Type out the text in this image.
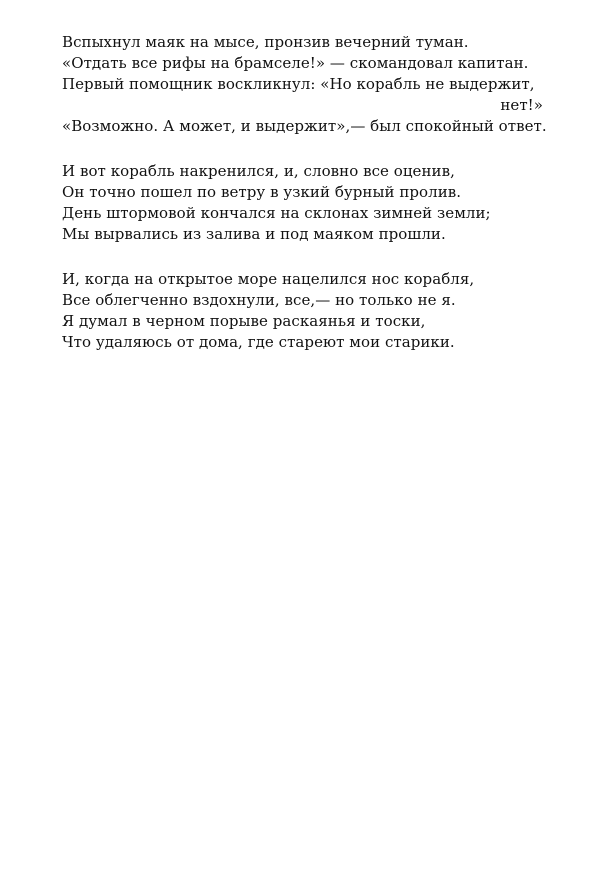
Вспыхнул маяк на мысе, пронзив вечерний туман.
«Отдать все рифы на брамселе!» — скомандовал капитан.
Первый помощник воскликнул: «Но корабль не выдержит,
нет!»
«Возможно. А может, и выдержит»,— был спокойный ответ.
И вот корабль накренился, и, словно все оценив,
Он точно пошел по ветру в узкий бурный пролив.
День штормовой кончался на склонах зимней земли;
Мы вырвались из залива и под маяком прошли.
И, когда на открытое море нацелился нос корабля,
Все облегченно вздохнули, все,— но только не я.
Я думал в черном порыве раскаянья и тоски,
Что удаляюсь от дома, где стареют мои старики.
